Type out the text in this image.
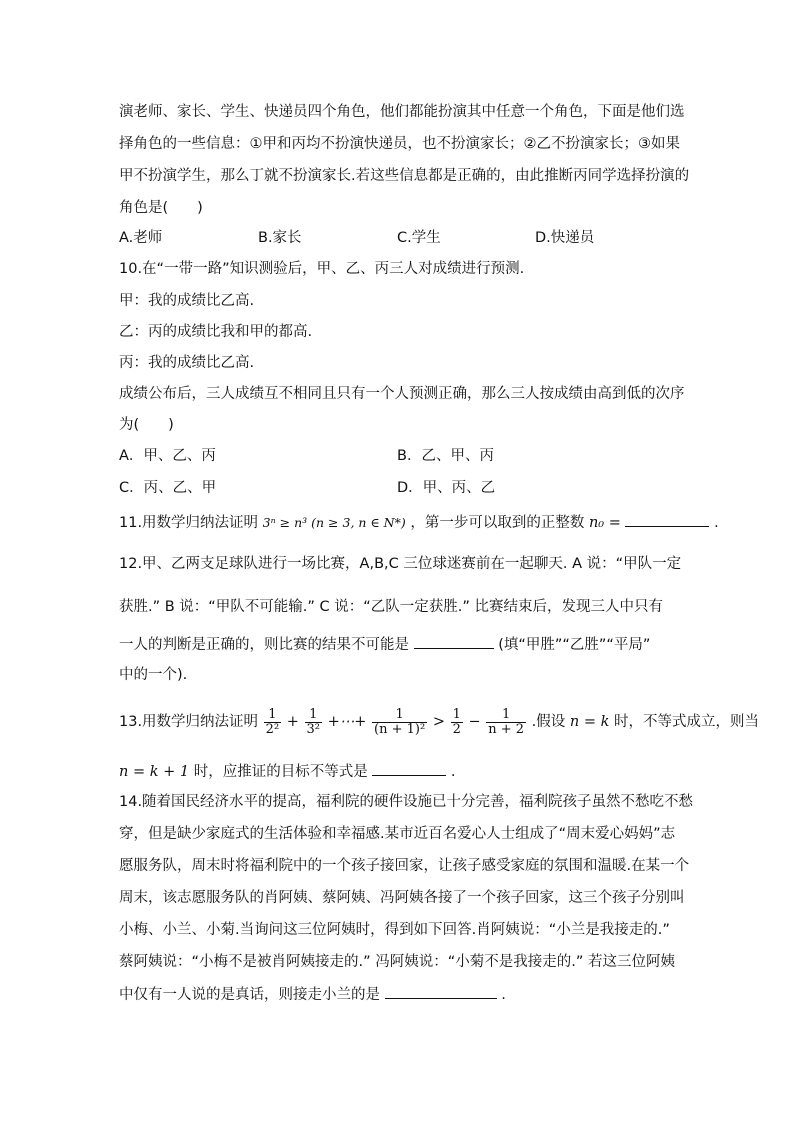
演老师、家长、学生、快递员四个角色，他们都能扮演其中任意一个角色，下面是他们选
择角色的一些信息：①甲和丙均不扮演快递员，也不扮演家长；②乙不扮演家长；③如果
甲不扮演学生，那么丁就不扮演家长.若这些信息都是正确的，由此推断丙同学选择扮演的
角色是(　　)
A.老师	B.家长	C.学生	D.快递员
10.在“一带一路”知识测验后，甲、乙、丙三人对成绩进行预测.
甲：我的成绩比乙高.
乙：丙的成绩比我和甲的都高.
丙：我的成绩比乙高.
成绩公布后，三人成绩互不相同且只有一个人预测正确，那么三人按成绩由高到低的次序
为(　　)
A．甲、乙、丙	B．乙、甲、丙
C．丙、乙、甲	D．甲、丙、乙
11.用数学归纳法证明 3ⁿ ≥ n³ (n ≥ 3, n ∈ N*) ，第一步可以取到的正整数 n₀ =	.
12.甲、乙两支足球队进行一场比赛，A,B,C 三位球迷赛前在一起聊天. A 说：“甲队一定
获胜.” B 说：“甲队不可能输.” C 说：“乙队一定获胜.” 比赛结束后，发现三人中只有
一人的判断是正确的，则比赛的结果不可能是	(填“甲胜”“乙胜”“平局”
中的一个).
13.用数学归纳法证明 $\frac{1}{\text{2²}} + \frac{1}{\text{3²}}$ +⋯+ $\frac{1}{\text{(n + 1)²}} > \frac{1}{2} - \frac{1}{n + 2}$ .假设 n = k 时，不等式成立，则当
n = k + 1 时，应推证的目标不等式是	.
14.随着国民经济水平的提高，福利院的硬件设施已十分完善，福利院孩子虽然不愁吃不愁
穿，但是缺少家庭式的生活体验和幸福感.某市近百名爱心人士组成了“周末爱心妈妈”志
愿服务队，周末时将福利院中的一个孩子接回家，让孩子感受家庭的氛围和温暖.在某一个
周末，该志愿服务队的肖阿姨、蔡阿姨、冯阿姨各接了一个孩子回家，这三个孩子分别叫
小梅、小兰、小菊.当询问这三位阿姨时，得到如下回答.肖阿姨说：“小兰是我接走的.”
蔡阿姨说：“小梅不是被肖阿姨接走的.” 冯阿姨说：“小菊不是我接走的.” 若这三位阿姨
中仅有一人说的是真话，则接走小兰的是	.
